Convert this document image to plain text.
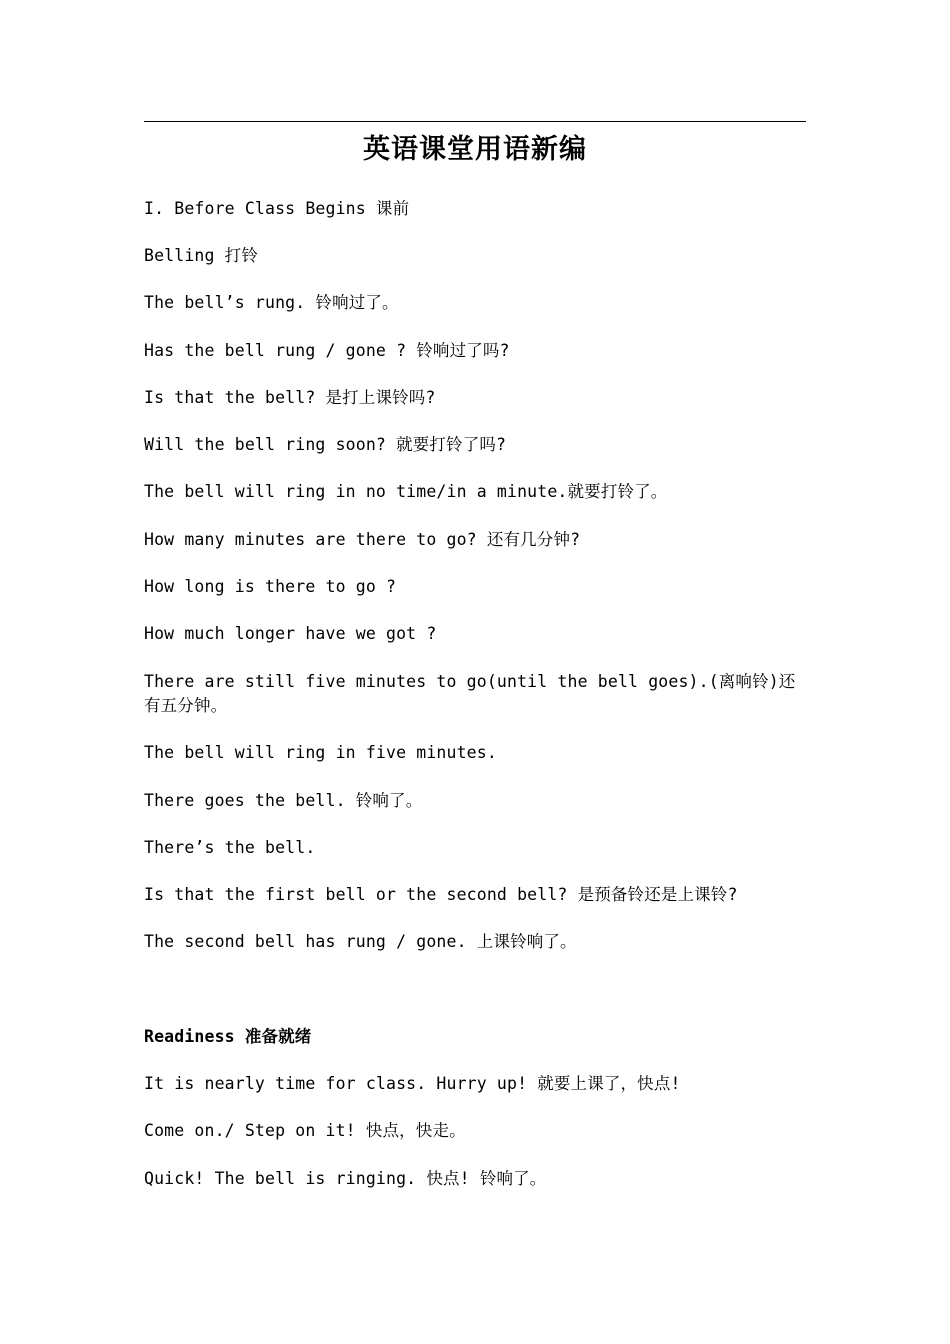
英语课堂用语新编
I. Before Class Begins 课前
Belling 打铃
The bell’s rung. 铃响过了。
Has the bell rung / gone ? 铃响过了吗?
Is that the bell? 是打上课铃吗?
Will the bell ring soon? 就要打铃了吗?
The bell will ring in no time/in a minute.就要打铃了。
How many minutes are there to go? 还有几分钟?
How long is there to go ?
How much longer have we got ?
There are still five minutes to go(until the bell goes).(离响铃)还有五分钟。
The bell will ring in five minutes.
There goes the bell. 铃响了。
There’s the bell.
Is that the first bell or the second bell? 是预备铃还是上课铃?
The second bell has rung / gone. 上课铃响了。
Readiness 准备就绪
It is nearly time for class. Hurry up! 就要上课了，快点!
Come on./ Step on it! 快点，快走。
Quick! The bell is ringing. 快点! 铃响了。
